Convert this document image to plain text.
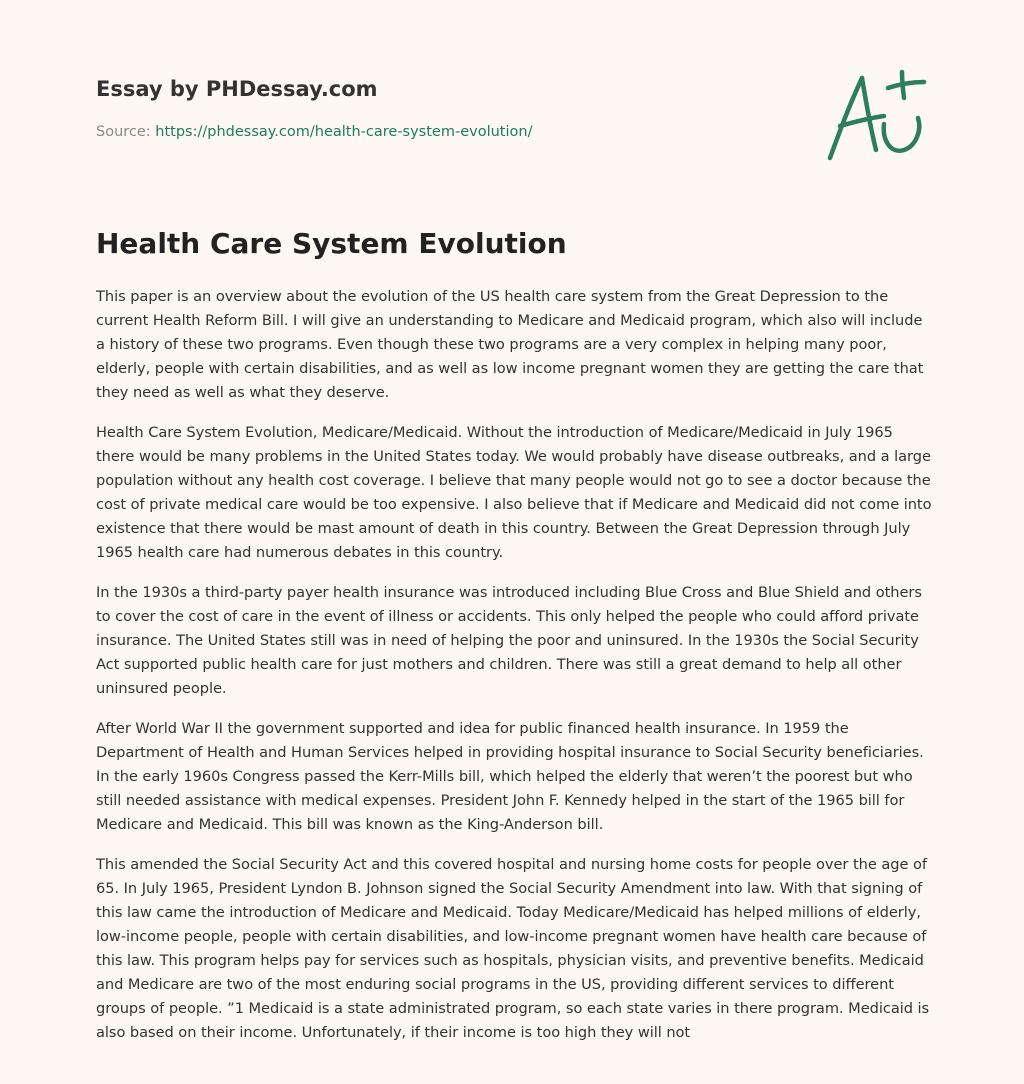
Essay by PHDessay.com
Source: https://phdessay.com/health-care-system-evolution/
Health Care System Evolution

This paper is an overview about the evolution of the US health care system from the Great Depression to the current Health Reform Bill. I will give an understanding to Medicare and Medicaid program, which also will include a history of these two programs. Even though these two programs are a very complex in helping many poor, elderly, people with certain disabilities, and as well as low income pregnant women they are getting the care that they need as well as what they deserve.

Health Care System Evolution, Medicare/Medicaid. Without the introduction of Medicare/Medicaid in July 1965 there would be many problems in the United States today. We would probably have disease outbreaks, and a large population without any health cost coverage. I believe that many people would not go to see a doctor because the cost of private medical care would be too expensive. I also believe that if Medicare and Medicaid did not come into existence that there would be mast amount of death in this country. Between the Great Depression through July 1965 health care had numerous debates in this country.

In the 1930s a third-party payer health insurance was introduced including Blue Cross and Blue Shield and others to cover the cost of care in the event of illness or accidents. This only helped the people who could afford private insurance. The United States still was in need of helping the poor and uninsured. In the 1930s the Social Security Act supported public health care for just mothers and children. There was still a great demand to help all other uninsured people.

After World War II the government supported and idea for public financed health insurance. In 1959 the Department of Health and Human Services helped in providing hospital insurance to Social Security beneficiaries. In the early 1960s Congress passed the Kerr-Mills bill, which helped the elderly that weren’t the poorest but who still needed assistance with medical expenses. President John F. Kennedy helped in the start of the 1965 bill for Medicare and Medicaid. This bill was known as the King-Anderson bill.

This amended the Social Security Act and this covered hospital and nursing home costs for people over the age of 65. In July 1965, President Lyndon B. Johnson signed the Social Security Amendment into law. With that signing of this law came the introduction of Medicare and Medicaid. Today Medicare/Medicaid has helped millions of elderly, low-income people, people with certain disabilities, and low-income pregnant women have health care because of this law. This program helps pay for services such as hospitals, physician visits, and preventive benefits. Medicaid and Medicare are two of the most enduring social programs in the US, providing different services to different groups of people. ”1 Medicaid is a state administrated program, so each state varies in there program. Medicaid is also based on their income. Unfortunately, if their income is too high they will not
